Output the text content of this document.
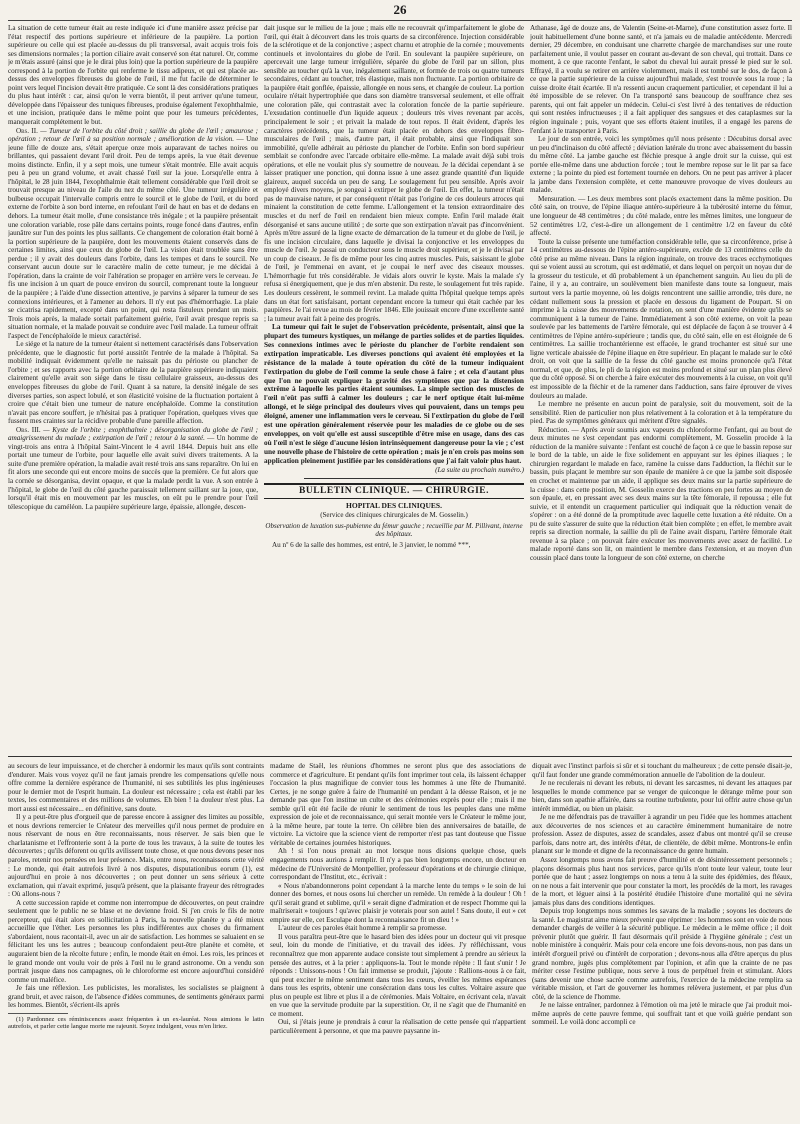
26

La situation de cette tumeur était au reste indiquée ici d'une manière assez précise par l'état respectif des portions supérieure et inférieure de la paupière. La portion supérieure ou celle qui est placée au-dessus du pli transversal, avait acquis trois fois ses dimensions normales ; la portion ciliaire avait conservé son état naturel. Or, comme je m'étais assuré (ainsi que je le dirai plus loin) que la portion supérieure de la paupière correspond à la portion de l'orbite qui renferme le tissu adipeux, et qui est placée au-dessus des enveloppes fibreuses du globe de l'œil, il me fut facile de déterminer le point vers lequel l'incision devait être pratiquée. Ce sont là des considérations pratiques du plus haut intérêt : car, ainsi qu'on le verra bientôt, il peut arriver qu'une tumeur, développée dans l'épaisseur des tuniques fibreuses, produise également l'exophthalmie, et une incision, pratiquée dans le même point que pour les tumeurs précédentes, manquerait complétement le but.

Obs. II. — Tumeur de l'orbite du côté droit ; saillie du globe de l'œil ; amaurose ; opération ; retour de l'œil à sa position normale ; amélioration de la vision. — Une jeune fille de douze ans, s'était aperçue onze mois auparavant de taches noires ou brillantes, qui passaient devant l'œil droit. Peu de temps après, la vue était devenue moins distincte. Enfin, il y a sept mois, une tumeur s'était montrée. Elle avait acquis peu à peu un grand volume, et avait chassé l'œil sur la joue. Lorsqu'elle entra à l'hôpital, le 28 juin 1844, l'exophthalmie était tellement considérable que l'œil droit se trouvait presque au niveau de l'aile du nez du même côté. Une tumeur irrégulière et bulbeuse occupait l'intervalle compris entre le sourcil et le globe de l'œil, et du bord externe de l'orbite à son bord interne, en refoulant l'œil de haut en bas et de dedans en dehors. La tumeur était molle, d'une consistance très inégale ; et la paupière présentait une coloration variable, rose pâle dans certains points, rouge foncé dans d'autres, enfin jaunâtre sur l'un des points les plus saillants. Ce changement de coloration était borné à la portion supérieure de la paupière, dont les mouvements étaient conservés dans de certaines limites, ainsi que ceux du globe de l'œil. La vision était troublée sans être perdue ; il y avait des douleurs dans l'orbite, dans les tempes et dans le sourcil. Ne conservant aucun doute sur le caractère malin de cette tumeur, je me décidai à l'opération, dans la crainte de voir l'altération se propager en arrière vers le cerveau. Je fis une incision à un quart de pouce environ du sourcil, comprenant toute la longueur de la paupière ; à l'aide d'une dissection attentive, je parvins à séparer la tumeur de ses connexions intérieures, et à l'amener au dehors. Il n'y eut pas d'hémorrhagie. La plaie se cicatrisa rapidement, excepté dans un point, qui resta fistuleux pendant un mois. Trois mois après, la malade sortait parfaitement guérie, l'œil avait presque repris sa situation normale, et la malade pouvait se conduire avec l'œil malade. La tumeur offrait l'aspect de l'encéphaloïde le mieux caractérisé.

Le siége et la nature de la tumeur étaient si nettement caractérisés dans l'observation précédente, que le diagnostic fut porté aussitôt l'entrée de la malade à l'hôpital. Sa mobilité indiquait évidemment qu'elle ne naissait pas du périoste ou plancher de l'orbite ; et ses rapports avec la portion orbitaire de la paupière supérieure indiquaient clairement qu'elle avait son siége dans le tissu cellulaire graisseux, au-dessus des enveloppes fibreuses du globe de l'œil. Quant à sa nature, la densité inégale de ses diverses parties, son aspect lobulé, et son élasticité voisine de la fluctuation portaient à croire que c'était bien une tumeur de nature encéphaloïde. Comme la constitution n'avait pas encore souffert, je n'hésitai pas à pratiquer l'opération, quelques vives que fussent mes craintes sur la récidive probable d'une pareille affection.

Obs. III. — Kyste de l'orbite ; exophthalmie ; désorganisation du globe de l'œil ; amaigrissement du malade ; extirpation de l'œil ; retour à la santé. — Un homme de vingt-trois ans entra à l'hôpital Saint-Vincent le 4 avril 1844. Depuis huit ans elle portait une tumeur de l'orbite, pour laquelle elle avait suivi divers traitements. A la suite d'une première opération, la maladie avait resté trois ans sans reparaître. On lui en fit alors une seconde qui eut encore moins de succès que la première. Ce fut alors que la cornée se désorganisa, devint opaque, et que la malade perdit la vue. A son entrée à l'hôpital, le globe de l'œil du côté gauche paraissait tellement saillant sur la joue, que, lorsqu'il était mis en mouvement par les muscles, on eût pu le prendre pour l'œil télescopique du caméléon. La paupière supérieure large, épaissie, allongée, descen-

dait jusque sur le milieu de la joue ; mais elle ne recouvrait qu'imparfaitement le globe de l'œil, qui était à découvert dans les trois quarts de sa circonférence. Injection considérable de la sclérotique et de la conjonctive ; aspect charnu et atrophie de la cornée ; mouvements continuels et involontaires du globe de l'œil. En soulevant la paupière supérieure, on apercevait une large tumeur irrégulière, séparée du globe de l'œil par un sillon, plus sensible au toucher qu'à la vue, inégalement saillante, et formée de trois ou quatre tumeurs secondaires, cédant au toucher, très élastique, mais non fluctuante. La portion orbitaire de la paupière était gonflée, épaissie, allongée en nous sens, et changée de couleur. La portion oculaire n'était hypertrophiée que dans son diamètre transversal seulement, et elle offrait une coloration pâle, qui contrastait avec la coloration foncée de la partie supérieure. L'exsudation continuelle d'un liquide aqueux ; douleurs très vives revenant par accès, principalement le soir ; et privait la malade de tout repos. Il était évident, d'après les caractères précédents, que la tumeur était placée en dehors des enveloppes fibro-musculaires de l'œil ; mais, d'autre part, il était probable, ainsi que l'indiquait son immobilité, qu'elle adhérait au périoste du plancher de l'orbite. Enfin son bord supérieur semblait se confondre avec l'arcade orbitaire elle-même. La malade avait déjà subi trois opérations, et elle ne voulait plus s'y soumettre de nouveau. Je la décidai cependant à se laisser pratiquer une ponction, qui donna issue à une assez grande quantité d'un liquide glaireux, auquel succéda un peu de sang. Le soulagement fut peu sensible. Après avoir employé divers moyens, je songeai à extirper le globe de l'œil. En effet, la tumeur n'était pas de mauvaise nature, et par conséquent n'était pas l'origine de ces douleurs atroces qui minaient la constitution de cette femme. L'allongement et la tension extraordinaire des muscles et du nerf de l'œil en rendaient bien mieux compte. Enfin l'œil malade était désorganisé et sans aucune utilité ; de sorte que son extirpation n'avait pas d'inconvénient. Après m'être assuré de la ligne exacte de démarcation de la tumeur et du globe de l'œil, je fis une incision circulaire, dans laquelle je divisai la conjonctive et les enveloppes du muscle de l'œil. Je passai un conducteur sous le muscle droit supérieur, et je le divisai par un coup de ciseaux. Je fis de même pour les cinq autres muscles. Puis, saisissant le globe de l'œil, je l'emmenai en avant, et je coupai le nerf avec des ciseaux mousses. L'hémorrhagie fut très considérable. Je vidais alors ouvrir le kyste. Mais la malade s'y refusa si énergiquement, que je dus m'en abstenir. Du reste, le soulagement fut très rapide. Les douleurs cessèrent, le sommeil revint. La malade quitta l'hôpital quelque temps après dans un état fort satisfaisant, portant cependant encore la tumeur qui était cachée par les paupières. Je l'ai revue au mois de février 1846. Elle jouissait encore d'une excellente santé ; la tumeur avait fait à peine des progrès.

La tumeur qui fait le sujet de l'observation précédente, présentait, ainsi que la plupart des tumeurs kystiques, un mélange de parties solides et de parties liquides. Ses connexions intimes avec le périoste du plancher de l'orbite rendaient son extirpation impraticable. Les diverses ponctions qui avaient été employées et la résistance de la malade à toute opération du côté de la tumeur indiquaient l'extirpation du globe de l'œil comme la seule chose à faire ; et cela d'autant plus que l'on ne pouvait expliquer la gravité des symptômes que par la distension extrême à laquelle les parties étaient soumises. La simple section des muscles de l'œil n'eût pas suffi à calmer les douleurs ; car le nerf optique était lui-même allongé, et le siége principal des douleurs vives qui pouvaient, dans un temps peu éloigné, amener une inflammation vers le cerveau. Si l'extirpation du globe de l'œil est une opération généralement réservée pour les maladies de ce globe ou de ses enveloppes, on voit qu'elle est aussi susceptible d'être mise en usage, dans des cas où l'œil n'est le siége d'aucune lésion intrinsèquement dangereuse pour la vie ; c'est une nouvelle phase de l'histoire de cette opération ; mais je n'en crois pas moins son application pleinement justifiée par les considérations que j'ai fait valoir plus haut.

(La suite au prochain numéro.)

BULLETIN CLINIQUE. — CHIRURGIE.
HOPITAL DES CLINIQUES.
(Service des cliniques chirurgicales de M. Gosselin.)
Observation de luxation sus-pubienne du fémur gauche ; recueillie par M. Pillivant, interne des hôpitaux.

Au nº 6 de la salle des hommes, est entré, le 3 janvier, le nommé ***,

Athanase, âgé de douze ans, de Valentin (Seine-et-Marne), d'une constitution assez forte. Il jouit habituellement d'une bonne santé, et n'a jamais eu de maladie antécédente. Mercredi dernier, 29 décembre, en conduisant une charrette chargée de marchandises sur une route parfaitement unie, il voulut passer en courant au-devant de son cheval, qui trottait. Dans ce moment, à ce que raconte l'enfant, le sabot du cheval lui aurait pressé le pied sur le sol. Effrayé, il a voulu se retirer en arrière violemment, mais il est tombé sur le dos, de façon à ce que la partie supérieure de la cuisse aujourd'hui malade, s'est trouvée sous la roue ; la cuisse droite était écartée. Il n'a ressenti aucun craquement particulier, et cependant il lui a été impossible de se relever. On l'a transporté sans beaucoup de souffrance chez ses parents, qui ont fait appeler un médecin. Celui-ci s'est livré à des tentatives de réduction qui sont restées infructueuses ; il a fait appliquer des sangsues et des cataplasmes sur la région inguinale ; puis, voyant que ses efforts étaient inutiles, il a engagé les parens de l'enfant à le transporter à Paris.

Le jour de son entrée, voici les symptômes qu'il nous présente : Décubitus dorsal avec un peu d'inclinaison du côté affecté ; déviation latérale du tronc avec abaissement du bassin du même côté. La jambe gauche est fléchie presque à angle droit sur la cuisse, qui est portée elle-même dans une abduction forcée ; tout le membre repose sur le lit par sa face externe ; la pointe du pied est fortement tournée en dehors. On ne peut pas arriver à placer la jambe dans l'extension complète, et cette manœuvre provoque de vives douleurs au malade.

Mensuration. — Les deux membres sont placés exactement dans la même position. Du côté sain, on trouve, de l'épine iliaque antéro-supérieure à la tubérosité interne du fémur, une longueur de 48 centimètres ; du côté malade, entre les mêmes limites, une longueur de 52 centimètres 1/2, c'est-à-dire un allongement de 1 centimètre 1/2 en faveur du côté affecté.

Toute la cuisse présente une tuméfaction considérable telle, que sa circonférence, prise à 14 centimètres au-dessous de l'épine antéro-supérieure, excède de 13 centimètres celle du côté prise au même niveau. Dans la région inguinale, on trouve des traces ecchymotiques qui se voient aussi au scrotum, qui est œdématié, et dans lequel on perçoit un noyau dur de la grosseur du testicule, et dû probablement à un épanchement sanguin. Au lieu du pli de l'aine, il y a, au contraire, un soulèvement bien manifeste dans toute sa longueur, mais surtout vers la partie moyenne, où les doigts rencontrent une saillie arrondie, très dure, ne cédant nullement sous la pression et placée en dessous du ligament de Poupart. Si on imprime à la cuisse des mouvements de rotation, on sent d'une manière évidente qu'ils se communiquent à la tumeur de l'aine. Immédiatement à son côté externe, on voit la peau soulevée par les battements de l'artère fémorale, qui est déplacée de façon à se trouver à 4 centimètres de l'épine antéro-supérieure ; tandis que, du côté sain, elle en est éloignée de 6 centimètres. La saillie trochantérienne est effacée, le grand trochanter est situé sur une ligne verticale abaissée de l'épine iliaque en être supérieur. En plaçant le malade sur le côté droit, on voit que la saillie de la fesse du côté gauche est moins prononcée qu'à l'état normal, et que, de plus, le pli de la région est moins profond et situé sur un plan plus élevé que du côté opposé. Si on cherche à faire exécuter des mouvements à la cuisse, on voit qu'il est impossible de la fléchir et de la ramener dans l'adduction, sans faire éprouver de vives douleurs au malade.

Le membre ne présente en aucun point de paralysie, soit du mouvement, soit de la sensibilité. Rien de particulier non plus relativement à la coloration et à la température du pied. Pas de symptômes généraux qui méritent d'être signalés.

Réduction. — Après avoir soumis aux vapeurs du chloroforme l'enfant, qui au bout de deux minutes ne s'est cependant pas endormi complètement, M. Gosselin procède à la réduction de la manière suivante : l'enfant est couché de façon à ce que le bassin repose sur le bord de la table, un aide le fixe solidement en appuyant sur les épines iliaques ; le chirurgien regardant le malade en face, ramène la cuisse dans l'adduction, la fléchit sur le bassin, puis plaçant le membre sur son épaule de manière à ce que la jambe soit disposée en crochet et maintenue par un aide, il applique ses deux mains sur la partie supérieure de la cuisse : dans cette position, M. Gosselin exerce des tractions en peu fortes au moyen de son épaule, et, en pressant avec ses deux mains sur la tête fémorale, il repoussa ; elle fut suivie, et il entendit un craquement particulier qui indiquait que la réduction venait de s'opérer : on a été donné de la promptitude avec laquelle cette luxation a été réduite. On a pu de suite s'assurer de suite que la réduction était bien complète ; en effet, le membre avait repris sa direction normale, la saillie du pli de l'aine avait disparu, l'artère fémorale était revenue à sa place ; on pouvait faire exécuter les mouvements avec assez de facilité. Le malade reporté dans son lit, on maintient le membre dans l'extension, et au moyen d'un coussin placé dans toute la longueur de son côté externe, on cherche

au secours de leur impuissance, et de chercher à endormir les maux qu'ils sont contraints d'endurer. Mais vous voyez qu'il ne faut jamais prendre les compensations qu'elle nous offre comme la dernière espérance de l'humanité, ni ses subtilités les plus ingénieuses pour le dernier mot de l'esprit humain. La douleur est nécessaire ; cela est établi par les textes, les commentaires et des millions de volumes. Eh bien ! la douleur n'est plus. La mort aussi est nécessaire... en définitive, sans doute.

Il y a peut-être plus d'orgueil que de paresse encore à assigner des limites au possible, et nous devrions remercier le Créateur des merveilles qu'il nous permet de produire en nous réservant de nous en être reconnaissants, nous réserver. Je sais bien que le charlatanisme et l'effronterie sont à la porte de tous les travaux, à la suite de toutes les découvertes ; qu'ils déforent ou qu'ils avilissent toute chose, et que nous devons peser nos paroles, retenir nos pensées en leur présence. Mais, entre nous, reconnaissons cette vérité : Le monde, qui était autrefois livré à nos disputes, disputationibus eorum (1), est aujourd'hui en proie à nos découvertes ; on peut donner un sens sérieux à cette exclamation, qui n'avait exprimé, jusqu'à présent, que la plaisante frayeur des rétrogrades : Où allons-nous ?

A cette succession rapide et comme non interrompue de découvertes, on peut craindre seulement que le public ne se blase et ne devienne froid. Si j'en crois le fils de notre percepteur, qui était alors en sollicitation à Paris, la nouvelle planète y a été mieux accueillie que l'éther. Les personnes les plus indifférentes aux choses du firmament s'abordaient, nous racontait-il, avec un air de satisfaction. Les hommes se saluaient en se félicitant les uns les autres ; beaucoup confondaient peut-être planète et comète, et auguraient bien de la récolte future ; enfin, le monde était en émoi. Les rois, les princes et le grand monde ont voulu voir de près à l'œil nu le grand astronome. On a vendu son portrait jusque dans nos campagnes, où le chloroforme est encore aujourd'hui considéré comme un maléfice.

Je fais une réflexion. Les publicistes, les moralistes, les socialistes se plaignent à grand bruit, et avec raison, de l'absence d'idées communes, de sentiments généraux parmi les hommes. Bientôt, s'écrient-ils après

(1) Pardonnez ces réminiscences assez fréquentes à un ex-lauréat. Nous aimions le latin autrefois, et parler cette langue morte me rajeunit. Soyez indulgent, vous m'en liriez.

madame de Staël, les réunions d'hommes ne seront plus que des associations de commerce et d'agriculture. Et pendant qu'ils font imprimer tout cela, ils laissent échapper l'occasion la plus magnifique de convier tous les hommes à une fête de l'humanité. Certes, je ne songe guère à faire de l'humanité un pendant à la déesse Raison, et je ne demande pas que l'on institue un culte et des cérémonies exprès pour elle ; mais il me semble qu'il eût été facile de réunir le sentiment de tous les peuples dans une même expression de joie et de reconnaissance, qui serait montée vers le Créateur le même jour, à la même heure, par toute la terre. On célèbre bien des anniversaires de bataille, de victoire. La victoire que la science vient de remporter n'est pas tant douteuse que l'issue véritable de certaines journées historiques.

Ah ! si l'on nous prenait au mot lorsque nous disions quelque chose, quels engagements nous aurions à remplir. Il n'y a pas bien longtemps encore, un docteur en médecine de l'Université de Montpellier, professeur d'opérations et de chirurgie clinique, correspondant de l'Institut, etc., écrivait :

« Nous n'abandonnerons point cependant à la marche lente du temps » le soin de lui donner des bornes, et nous osons lui chercher un remède. Un remède à la douleur ! Oh ! qu'il serait grand et sublime, qu'il » serait digne d'admiration et de respect l'homme qui la maîtriserait » toujours ! qu'avec plaisir je voterais pour son autel ! Sans doute, il eut » cet empire sur elle, cet Esculape dont la reconnaissance fit un dieu ! »

L'auteur de ces paroles était homme à remplir sa promesse.

Il vous paraîtra peut-être que le hasard bien des idées pour un docteur qui vit presque seul, loin du monde de l'initiative, et du travail des idées. J'y réfléchissant, vous reconnaîtrez que mon apparente audace consiste tout simplement à prendre au sérieux la pensée des autres, et à la prier : appliquons-la. Tout le monde répète : Il faut s'unir ! Je réponds : Unissons-nous ! On fait immense se produit, j'ajoute : Rallions-nous à ce fait, qui peut exciter le même sentiment dans tous les cœurs, éveiller les mêmes espérances dans tous les esprits, obtenir une consécration dans tous les cultes. Voltaire assure que plus on peuple est libre et plus il a de cérémonies. Mais Voltaire, en écrivant cela, n'avait en vue que la servitude produite par la superstition. Or, il ne s'agit que de l'humanité en ce moment.

Oui, si j'étais jeune je prendrais à cœur la réalisation de cette pensée qui n'appartient particulièrement à personne, et que ma pauvre paysanne in-

diquait avec l'instinct parfois si sûr et si touchant du malheureux ; de cette pensée disait-je, qu'il faut fonder une grande commémoration annuelle de l'abolition de la douleur.

Je ne reculerais ni devant les rebuts, ni devant les sarcasmes, ni devant les attaques par lesquelles le monde commence par se venger de quiconque le dérange même pour son bien, dans son apathie affairée, dans sa routine turbulente, pour lui offrir autre chose qu'un intérêt immédiat, ou bien un plaisir.

Je ne me défendrais pas de travailler à agrandir un peu l'idée que les hommes attachent aux découvertes de nos sciences et au caractère éminemment humanitaire de notre profession. Assez de disputes, assez de scandales, assez d'abus ont montré qu'il se creuse parfois, dans notre art, des intérêts d'état, de clientèle, de débit même. Montrons-le enfin planant sur le monde et digne de la reconnaissance du genre humain.

Assez longtemps nous avons fait preuve d'humilité et de désintéressement personnels ; plaçons désormais plus haut nos services, parce qu'ils n'ont toute leur valeur, toute leur portée que de haut ; assez longtemps on nous a tenu à la suite des épidémies, des fléaux, on ne nous a fait intervenir que pour constater la mort, les procédés de la mort, les ravages de la mort, et léguer ainsi à la postérité étudiée l'histoire d'une mortalité qui ne sévira jamais plus dans des conditions identiques.

Depuis trop longtemps nous sommes les savans de la maladie ; soyons les docteurs de la santé. Le magistrat aime mieux prévenir que réprimer : les hommes sont en voie de nous demander chargés de veiller à la sécurité publique. Le médecin a le même office ; il doit prévenir plutôt que guérir. Il faut désormais qu'il préside à l'hygiène générale ; c'est un noble ministère à conquérir. Mais pour cela encore une fois devons-nous, non pas dans un intérêt d'orgueil privé ou d'intérêt de corporation ; devons-nous alla d'être aperçus du plus grand nombre, jugés plus complétement par l'opinion, et afin que la crainte de ne pas mériter cesse l'estime publique, nous serve à tous de perpétuel frein et stimulant. Alors (sans devenir une chose sacrée comme autrefois, l'exercice de la médecine remplira sa véritable mission, et l'art de gouverner les hommes relèvera justement, et par plus d'un côté, de la science de l'homme.

Je ne laisse entraîner, pardonnez à l'émotion où ma jeté le miracle que j'ai produit moi-même auprès de cette pauvre femme, qui souffrait tant et que voilà guérie pendant son sommeil. Le voilà donc accompli ce
